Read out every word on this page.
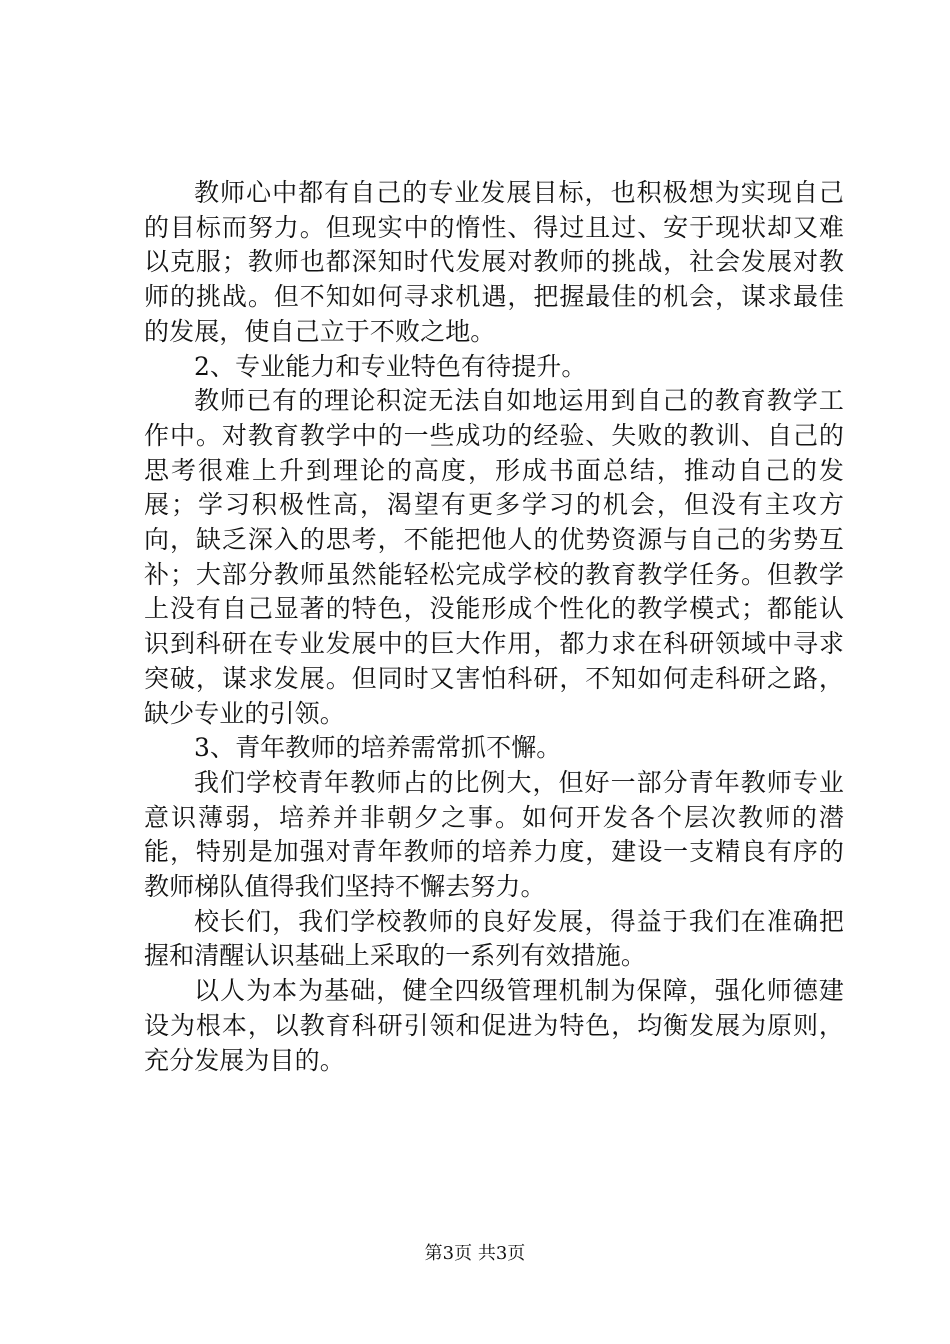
教师心中都有自己的专业发展目标，也积极想为实现自己的目标而努力。但现实中的惰性、得过且过、安于现状却又难以克服；教师也都深知时代发展对教师的挑战，社会发展对教师的挑战。但不知如何寻求机遇，把握最佳的机会，谋求最佳的发展，使自己立于不败之地。

2、专业能力和专业特色有待提升。

教师已有的理论积淀无法自如地运用到自己的教育教学工作中。对教育教学中的一些成功的经验、失败的教训、自己的思考很难上升到理论的高度，形成书面总结，推动自己的发展；学习积极性高，渴望有更多学习的机会，但没有主攻方向，缺乏深入的思考，不能把他人的优势资源与自己的劣势互补；大部分教师虽然能轻松完成学校的教育教学任务。但教学上没有自己显著的特色，没能形成个性化的教学模式；都能认识到科研在专业发展中的巨大作用，都力求在科研领域中寻求突破，谋求发展。但同时又害怕科研，不知如何走科研之路，缺少专业的引领。

3、青年教师的培养需常抓不懈。

我们学校青年教师占的比例大，但好一部分青年教师专业意识薄弱，培养并非朝夕之事。如何开发各个层次教师的潜能，特别是加强对青年教师的培养力度，建设一支精良有序的教师梯队值得我们坚持不懈去努力。

校长们，我们学校教师的良好发展，得益于我们在准确把握和清醒认识基础上采取的一系列有效措施。

以人为本为基础，健全四级管理机制为保障，强化师德建设为根本，以教育科研引领和促进为特色，均衡发展为原则，充分发展为目的。

第3页 共3页
